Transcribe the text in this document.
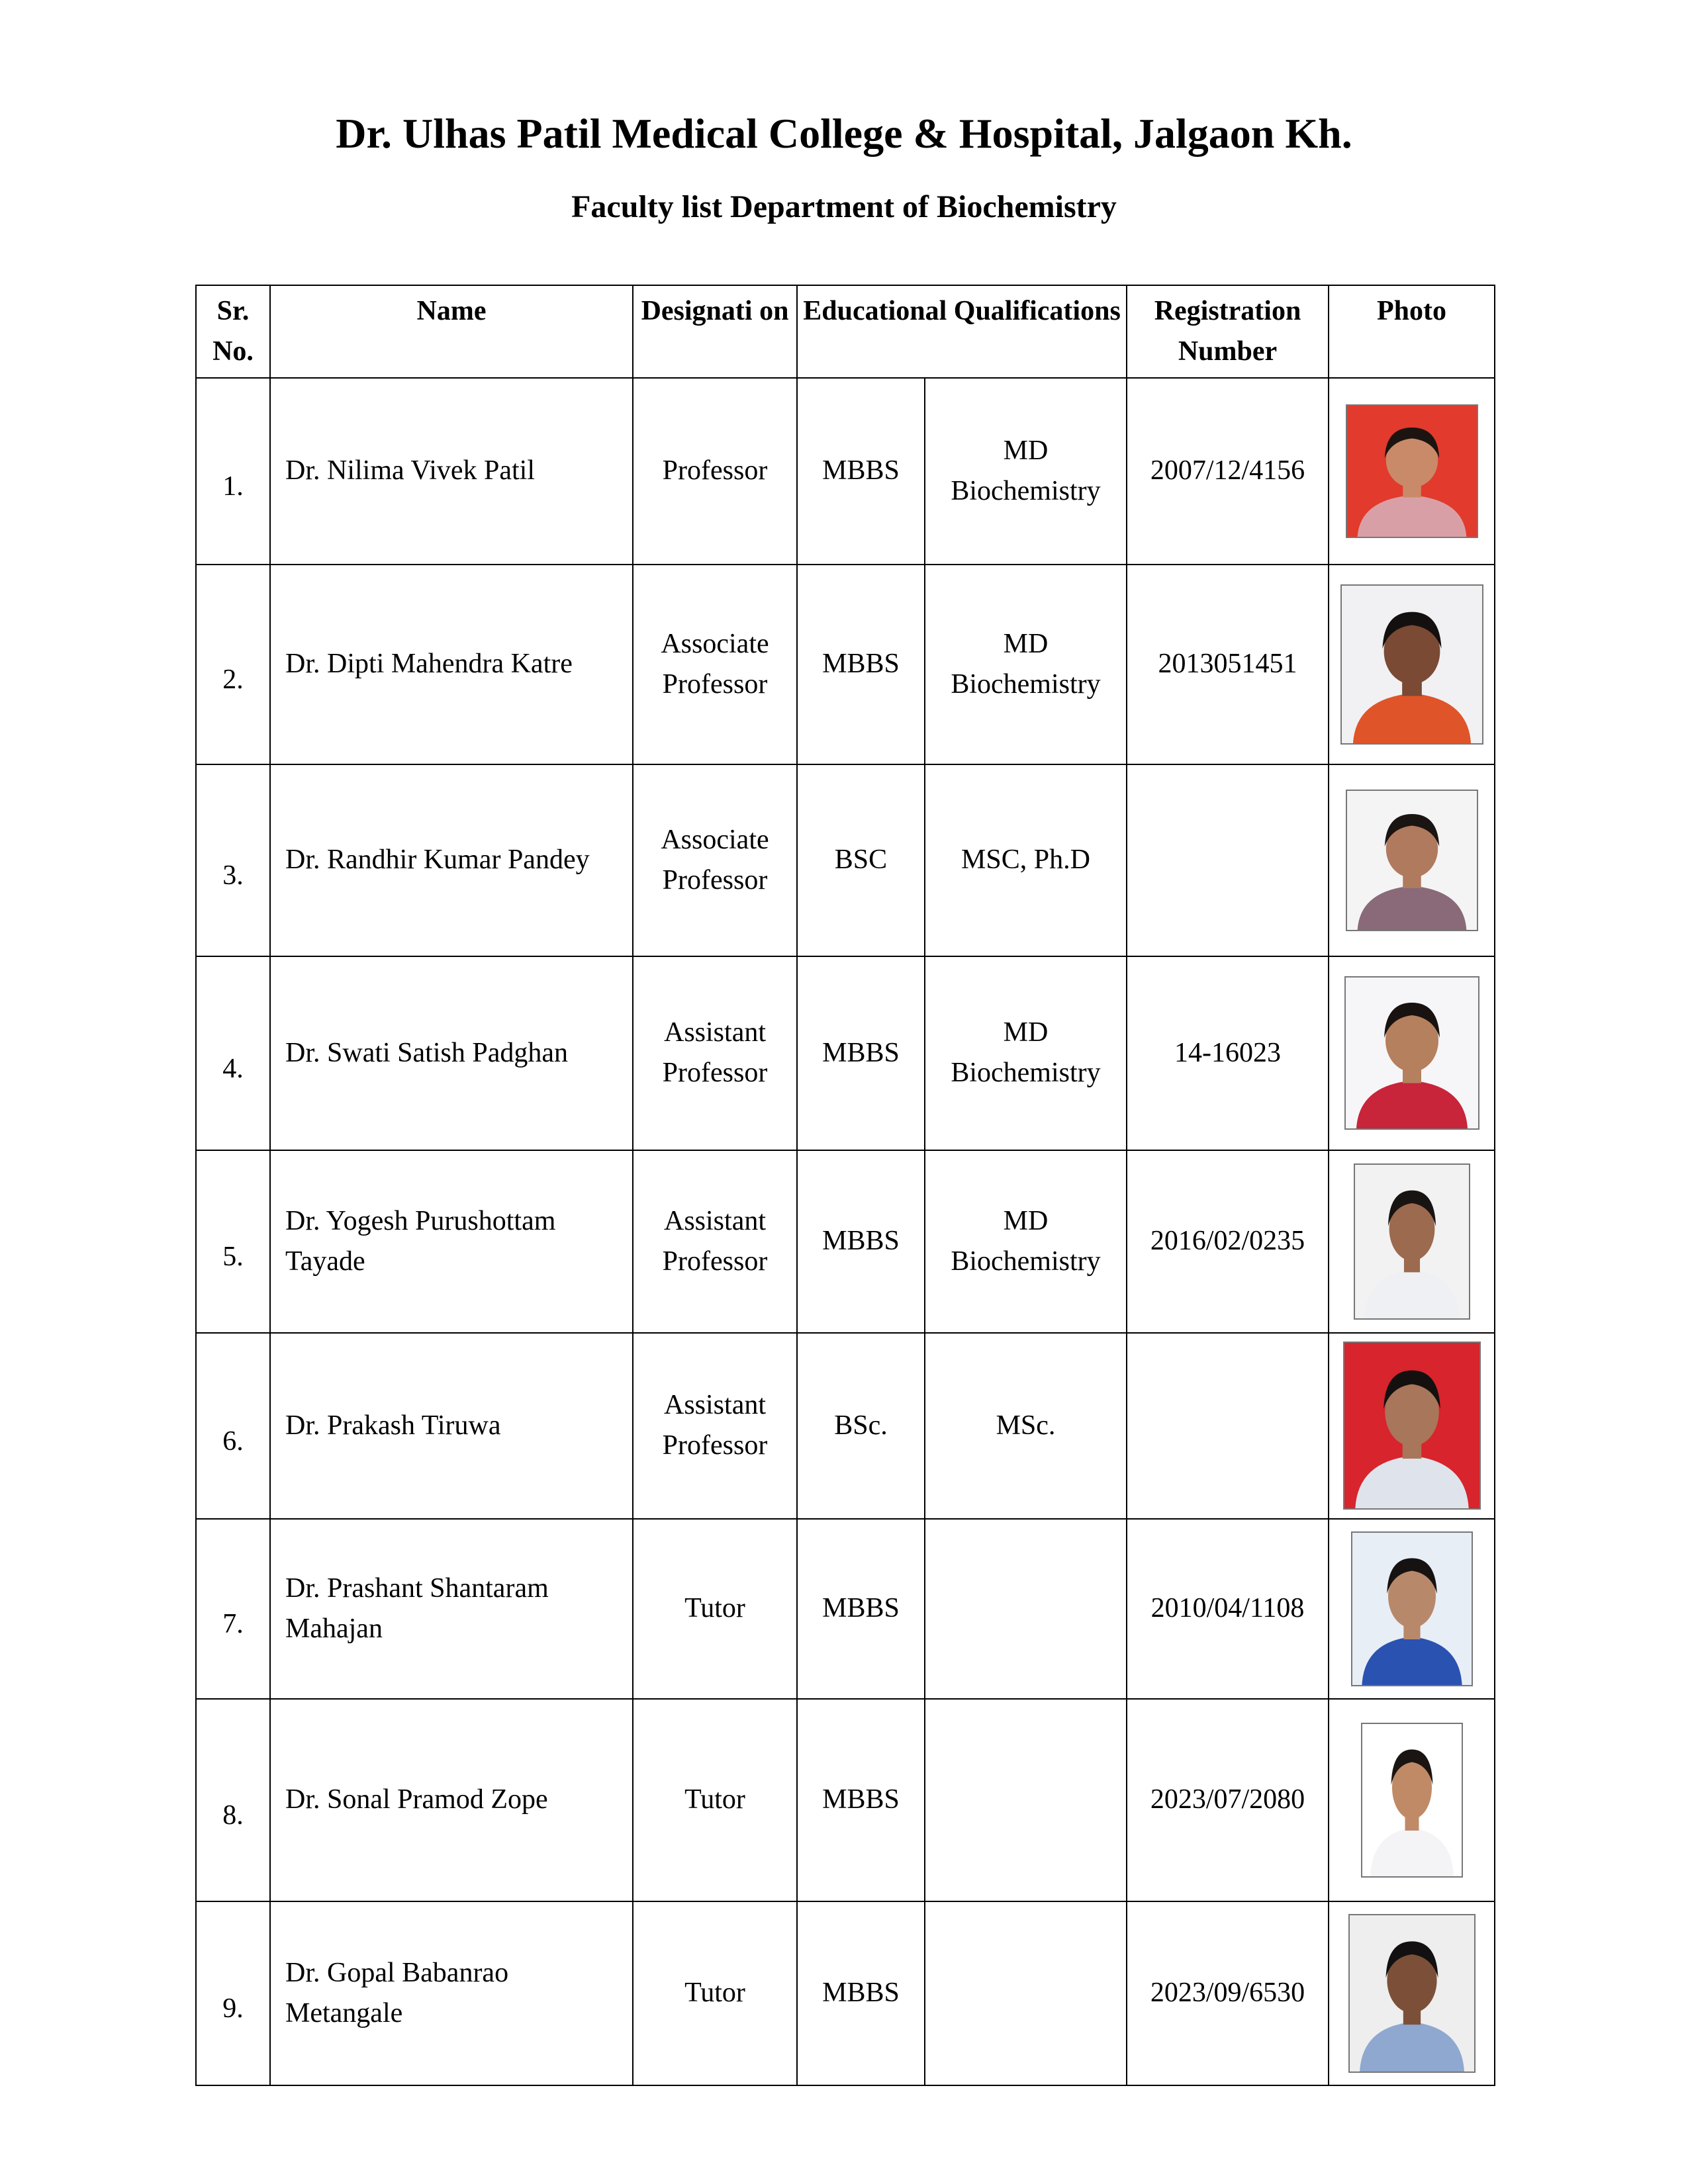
Dr. Ulhas Patil Medical College & Hospital, Jalgaon Kh.
Faculty list Department of Biochemistry
Sr. No.	Name	Designati on	Educational Qualifications		Registration Number	Photo
1.	Dr. Nilima Vivek Patil	Professor	MBBS	MD Biochemistry	2007/12/4156	

2.	Dr. Dipti Mahendra Katre	Associate Professor	MBBS	MD Biochemistry	2013051451	

3.	Dr. Randhir Kumar Pandey	Associate Professor	BSC	MSC, Ph.D		

4.	Dr. Swati Satish Padghan	Assistant Professor	MBBS	MD Biochemistry	14-16023	

5.	Dr. Yogesh Purushottam Tayade	Assistant Professor	MBBS	MD Biochemistry	2016/02/0235	

6.	Dr. Prakash Tiruwa	Assistant Professor	BSc.	MSc.		

7.	Dr. Prashant Shantaram Mahajan	Tutor	MBBS		2010/04/1108	

8.	Dr. Sonal Pramod Zope	Tutor	MBBS		2023/07/2080	

9.	Dr. Gopal Babanrao Metangale	Tutor	MBBS		2023/09/6530	
